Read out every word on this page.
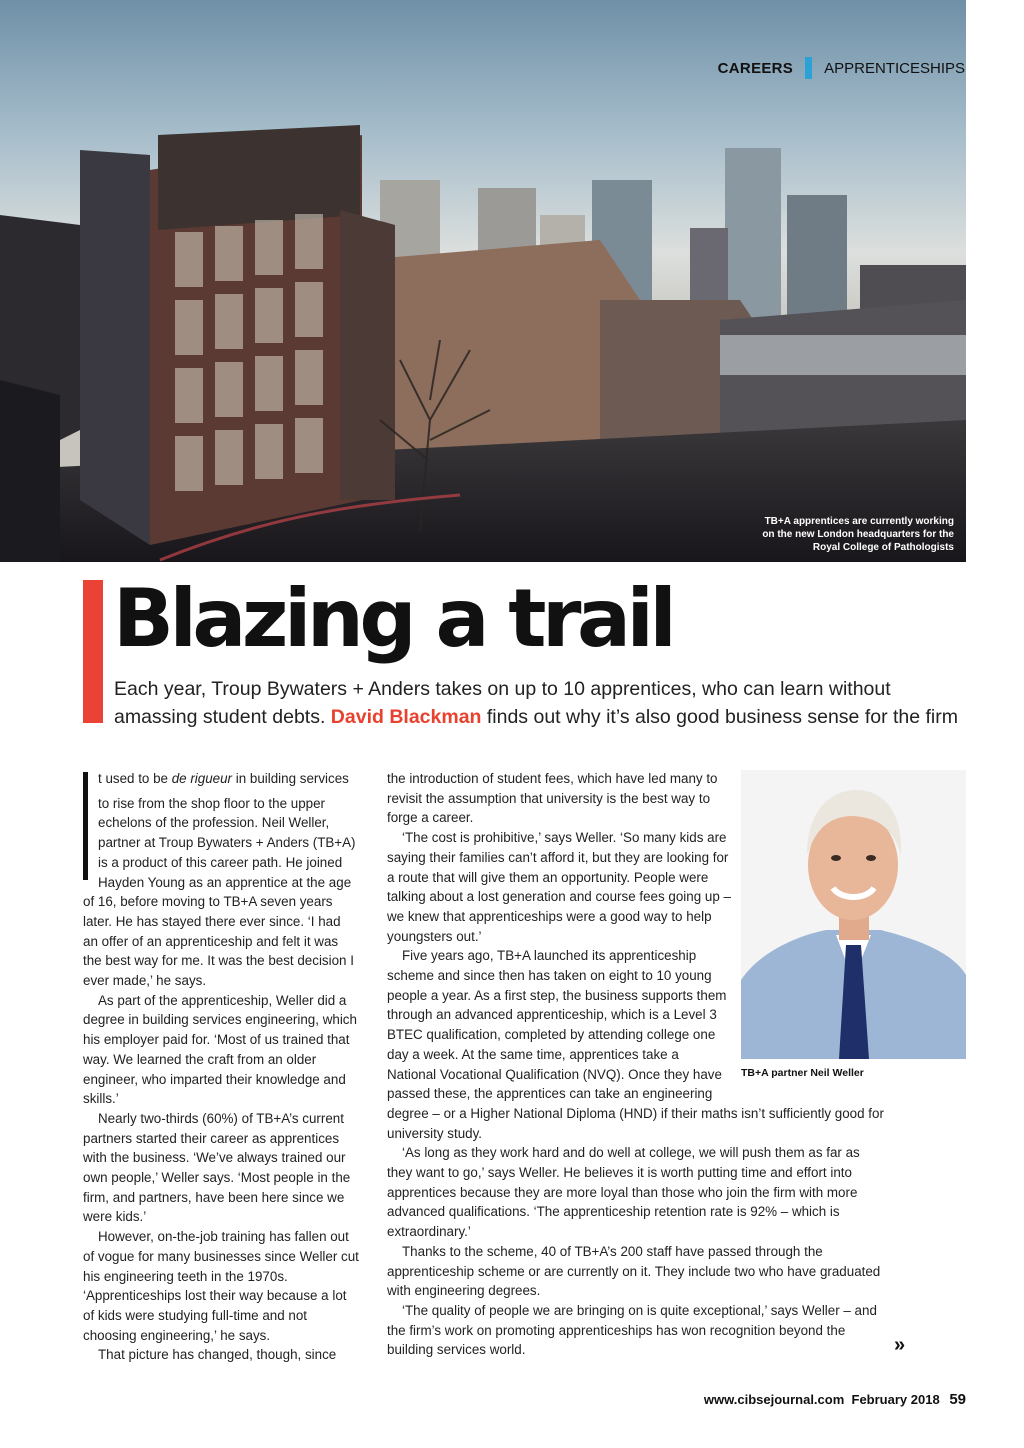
CAREERS APPRENTICESHIPS
TB+A apprentices are currently working
on the new London headquarters for the
Royal College of Pathologists
Blazing a trail

Each year, Troup Bywaters + Anders takes on up to 10 apprentices, who can learn without amassing student debts. David Blackman finds out why it’s also good business sense for the firm

t used to be de rigueur in building services to rise from the shop floor to the upper echelons of the profession. Neil Weller, partner at Troup Bywaters + Anders (TB+A) is a product of this career path. He joined Hayden Young as an apprentice at the age of 16, before moving to TB+A seven years later. He has stayed there ever since. ‘I had an offer of an apprenticeship and felt it was the best way for me. It was the best decision I ever made,’ he says.

As part of the apprenticeship, Weller did a degree in building services engineering, which his employer paid for. ‘Most of us trained that way. We learned the craft from an older engineer, who imparted their knowledge and skills.’

Nearly two-thirds (60%) of TB+A’s current partners started their career as apprentices with the business. ‘We’ve always trained our own people,’ Weller says. ‘Most people in the firm, and partners, have been here since we were kids.’

However, on-the-job training has fallen out of vogue for many businesses since Weller cut his engineering teeth in the 1970s. ‘Apprenticeships lost their way because a lot of kids were studying full-time and not choosing engineering,’ he says.

That picture has changed, though, since

the introduction of student fees, which have led many to revisit the assumption that university is the best way to forge a career.

‘The cost is prohibitive,’ says Weller. ‘So many kids are saying their families can’t afford it, but they are looking for a route that will give them an opportunity. People were talking about a lost generation and course fees going up – we knew that apprenticeships were a good way to help youngsters out.’

Five years ago, TB+A launched its apprenticeship scheme and since then has taken on eight to 10 young people a year. As a first step, the business supports them through an advanced apprenticeship, which is a Level 3 BTEC qualification, completed by attending college one day a week. At the same time, apprentices take a National Vocational Qualification (NVQ). Once they have passed these, the apprentices can take an engineering degree – or a Higher National Diploma (HND) if their maths isn’t sufficiently good for university study.

‘As long as they work hard and do well at college, we will push them as far as they want to go,’ says Weller. He believes it is worth putting time and effort into apprentices because they are more loyal than those who join the firm with more advanced qualifications. ‘The apprenticeship retention rate is 92% – which is extraordinary.’

Thanks to the scheme, 40 of TB+A’s 200 staff have passed through the apprenticeship scheme or are currently on it. They include two who have graduated with engineering degrees.

‘The quality of people we are bringing on is quite exceptional,’ says Weller – and the firm’s work on promoting apprenticeships has won recognition beyond the building services world.

TB+A partner Neil Weller
»
www.cibsejournal.com February 2018 59
